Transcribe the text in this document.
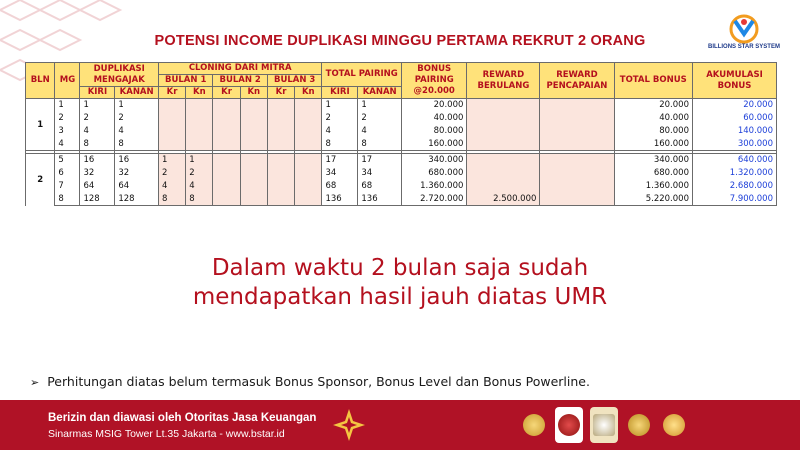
POTENSI INCOME DUPLIKASI MINGGU PERTAMA REKRUT 2 ORANG	BILLIONS STAR SYSTEM
BLN	MG	DUPLIKASI MENGAJAK		CLONING DARI MITRA						TOTAL PAIRING		BONUS PAIRING @20.000	REWARD BERULANG	REWARD PENCAPAIAN	TOTAL BONUS	AKUMULASI BONUS
				BULAN 1		BULAN 2		BULAN 3								
		KIRI	KANAN	Kr	Kn	Kr	Kn	Kr	Kn	KIRI	KANAN					
1	1	1	1							1	1	20.000			20.000	20.000
	2	2	2							2	2	40.000			40.000	60.000
	3	4	4							4	4	80.000			80.000	140.000
	4	8	8							8	8	160.000			160.000	300.000

2	5	16	16	1	1					17	17	340.000			340.000	640.000
	6	32	32	2	2					34	34	680.000			680.000	1.320.000
	7	64	64	4	4					68	68	1.360.000			1.360.000	2.680.000
	8	128	128	8	8					136	136	2.720.000	2.500.000		5.220.000	7.900.000
Dalam waktu 2 bulan saja sudah
mendapatkan hasil jauh diatas UMR
➢ Perhitungan diatas belum termasuk Bonus Sponsor, Bonus Level dan Bonus Powerline.
Berizin dan diawasi oleh Otoritas Jasa Keuangan
Sinarmas MSIG Tower Lt.35 Jakarta - www.bstar.id
